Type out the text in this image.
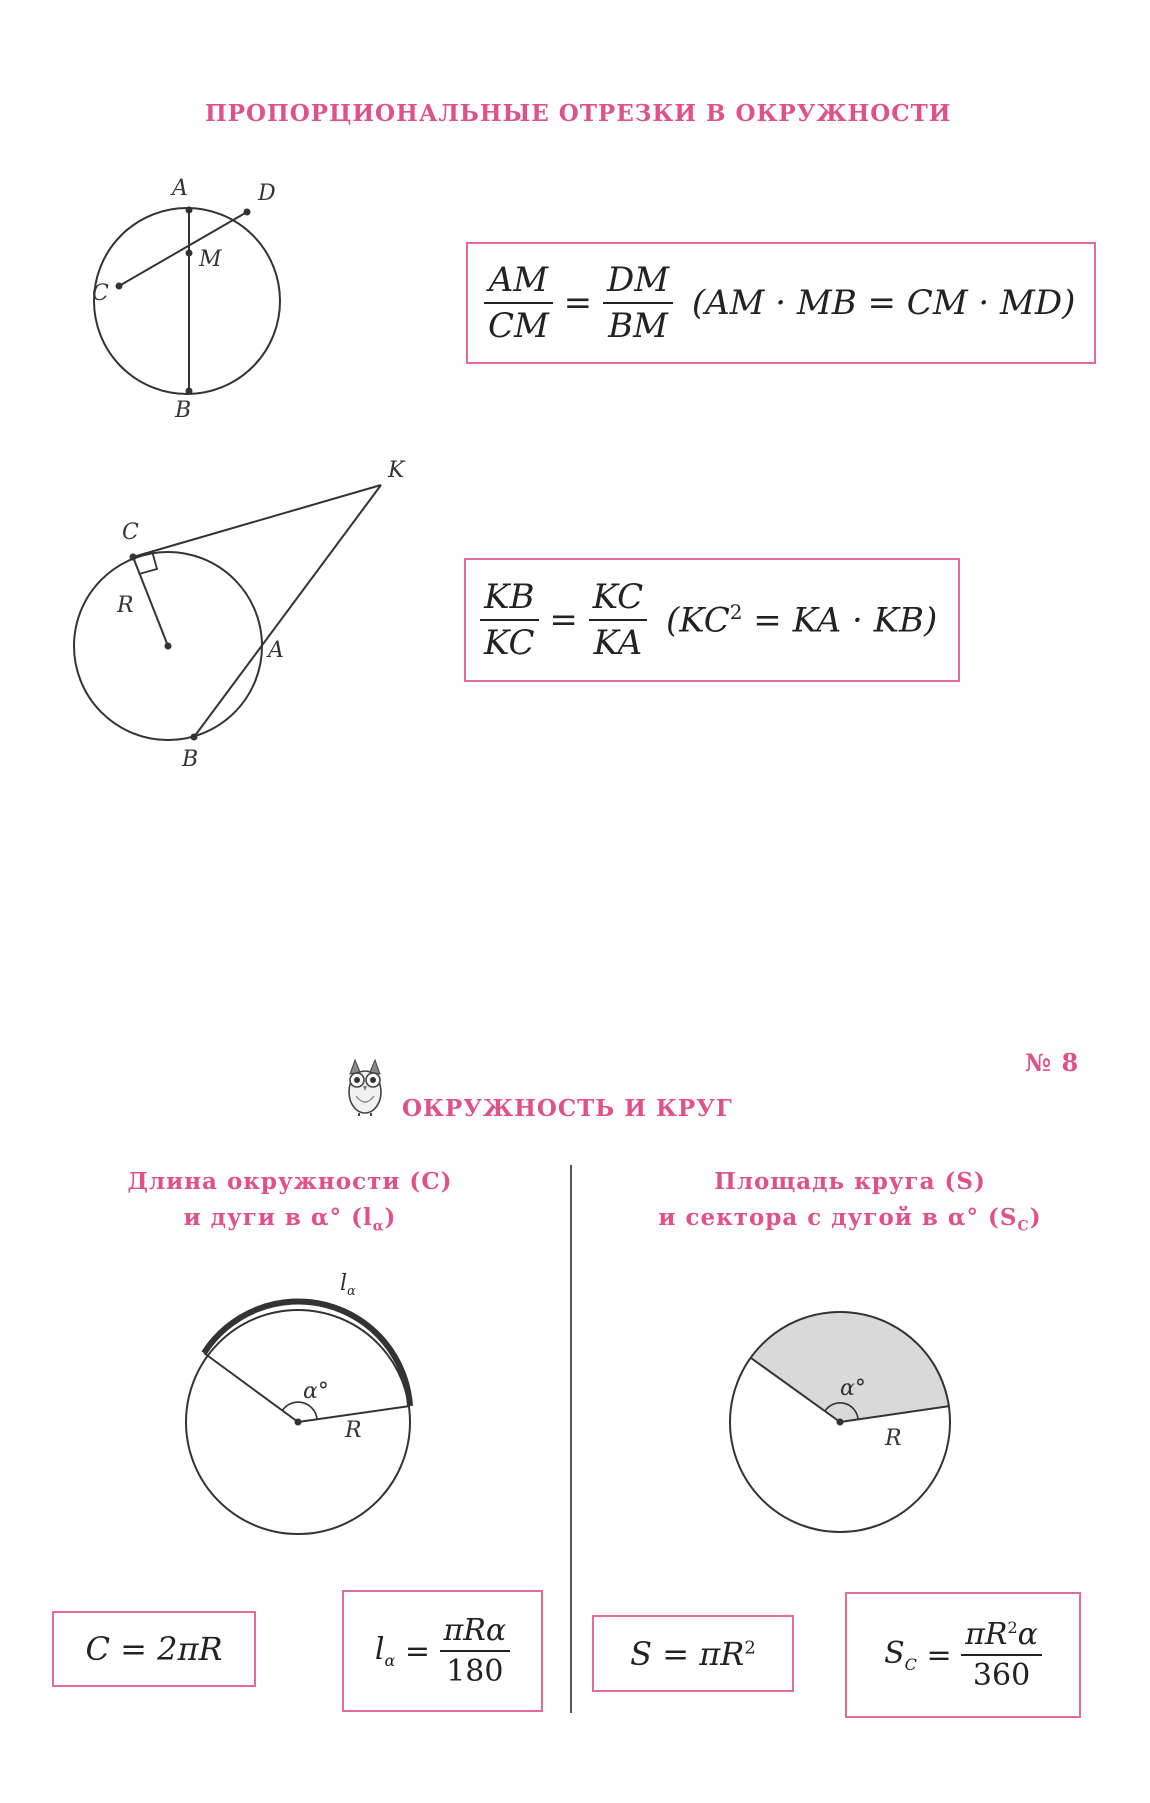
ПРОПОРЦИОНАЛЬНЫЕ ОТРЕЗКИ В ОКРУЖНОСТИ
A	D
M
C
B
$\frac{AM}{CM} = \frac{DM}{BM} (AM$ · MB = CM · MD)
K
C
R
A
B
$\frac{KB}{KC} = \frac{KC}{KA} (KC^2$ = KA · KB)
№ 8
ОКРУЖНОСТЬ И КРУГ
Длина окружности (C)
и дуги в α° $(l_\alpha)$
Площадь круга (S)
и сектора с дугой в α° $(S_C)$
$l_\alpha$
α°
R
α°
R
C = 2πR	$l_\alpha = \frac{\text{πRα}}{180}$	$S = \pi R^2$	$S_C = \frac{\pi R^2\alpha}{360}$
